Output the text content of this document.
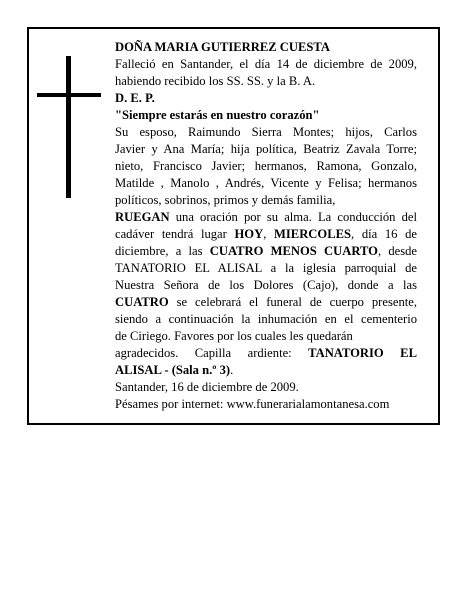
DOÑA MARIA GUTIERREZ CUESTA
Falleció en Santander, el día 14 de diciembre de 2009,
habiendo recibido los SS. SS. y la B. A.
D. E. P.
"Siempre estarás en nuestro corazón"
Su esposo, Raimundo Sierra Montes; hijos, Carlos
Javier y Ana María; hija política, Beatriz Zavala Torre;
nieto, Francisco Javier; hermanos, Ramona, Gonzalo,
Matilde , Manolo , Andrés, Vicente y Felisa; hermanos
políticos, sobrinos, primos y demás familia,
RUEGAN una oración por su alma. La conducción del
cadáver tendrá lugar HOY, MIERCOLES, día 16 de
diciembre, a las CUATRO MENOS CUARTO, desde
TANATORIO EL ALISAL a la iglesia parroquial de
Nuestra Señora de los Dolores (Cajo), donde a las
CUATRO se celebrará el funeral de cuerpo presente,
siendo a continuación la inhumación en el cementerio
de Ciriego. Favores por los cuales les quedarán
agradecidos. Capilla ardiente: TANATORIO EL
ALISAL - (Sala n.º 3).
Santander, 16 de diciembre de 2009.
Pésames por internet: www.funerarialamontanesa.com
